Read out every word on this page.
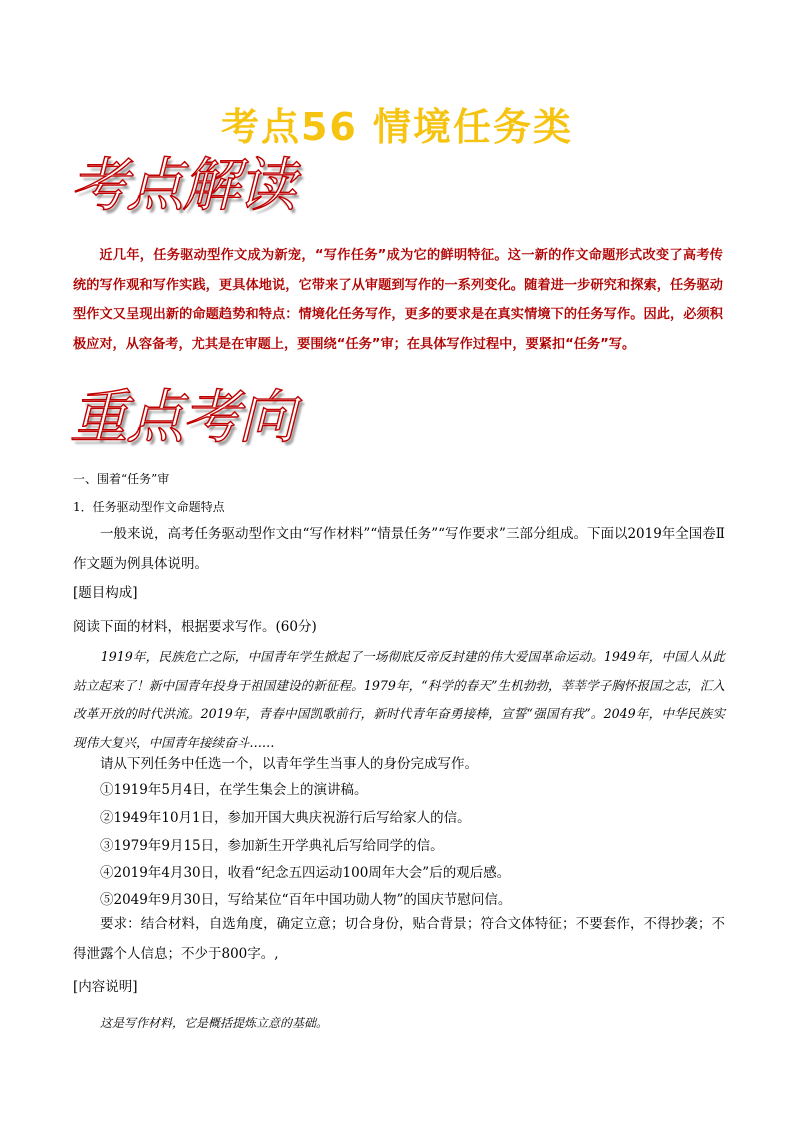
考点56 情境任务类
考点解读

近几年，任务驱动型作文成为新宠，“写作任务”成为它的鲜明特征。这一新的作文命题形式改变了高考传统的写作观和写作实践，更具体地说，它带来了从审题到写作的一系列变化。随着进一步研究和探索，任务驱动型作文又呈现出新的命题趋势和特点：情境化任务写作，更多的要求是在真实情境下的任务写作。因此，必须积极应对，从容备考，尤其是在审题上，要围绕“任务”审；在具体写作过程中，要紧扣“任务”写。

重点考向

一、围着“任务”审

1．任务驱动型作文命题特点

一般来说，高考任务驱动型作文由“写作材料”“情景任务”“写作要求”三部分组成。下面以2019年全国卷Ⅱ作文题为例具体说明。

[题目构成]

阅读下面的材料，根据要求写作。(60分)

1919年，民族危亡之际，中国青年学生掀起了一场彻底反帝反封建的伟大爱国革命运动。1949年，中国人从此站立起来了！新中国青年投身于祖国建设的新征程。1979年，“科学的春天”生机勃勃，莘莘学子胸怀报国之志，汇入改革开放的时代洪流。2019年，青春中国凯歌前行，新时代青年奋勇接棒，宣誓“强国有我”。2049年，中华民族实现伟大复兴，中国青年接续奋斗……

请从下列任务中任选一个，以青年学生当事人的身份完成写作。

①1919年5月4日，在学生集会上的演讲稿。

②1949年10月1日，参加开国大典庆祝游行后写给家人的信。

③1979年9月15日，参加新生开学典礼后写给同学的信。

④2019年4月30日，收看“纪念五四运动100周年大会”后的观后感。

⑤2049年9月30日，写给某位“百年中国功勋人物”的国庆节慰问信。

要求：结合材料，自选角度，确定立意；切合身份，贴合背景；符合文体特征；不要套作，不得抄袭；不得泄露个人信息；不少于800字。,

[内容说明]

这是写作材料，它是概括提炼立意的基础。
